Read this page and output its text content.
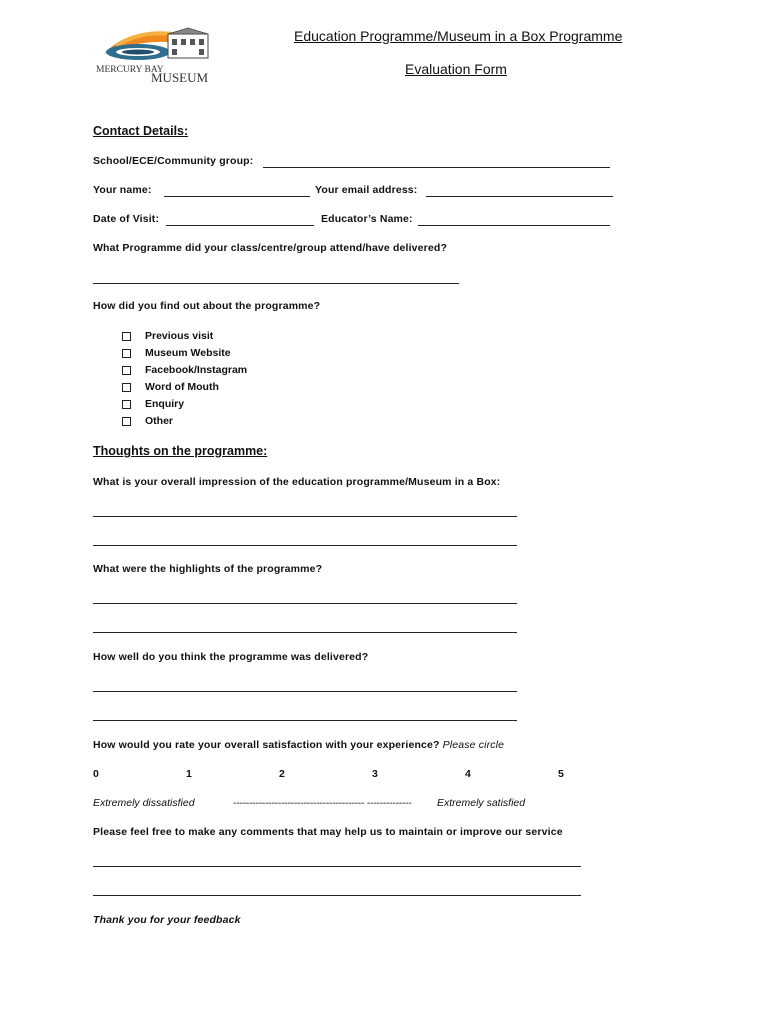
MERCURY BAY
MUSEUM
Education Programme/Museum in a Box Programme
Evaluation Form
Contact Details:
School/ECE/Community group:
Your name:	Your email address:
Date of Visit:	Educator’s Name:
What Programme did your class/centre/group attend/have delivered?
How did you find out about the programme?
Previous visit
Museum Website
Facebook/Instagram
Word of Mouth
Enquiry
Other
Thoughts on the programme:
What is your overall impression of the education programme/Museum in a Box:
What were the highlights of the programme?
How well do you think the programme was delivered?
How would you rate your overall satisfaction with your experience? Please circle
0	1	2	3	4	5
Extremely dissatisfied	----------------------------------------- -------------- Extremely satisfied
Please feel free to make any comments that may help us to maintain or improve our service
Thank you for your feedback
